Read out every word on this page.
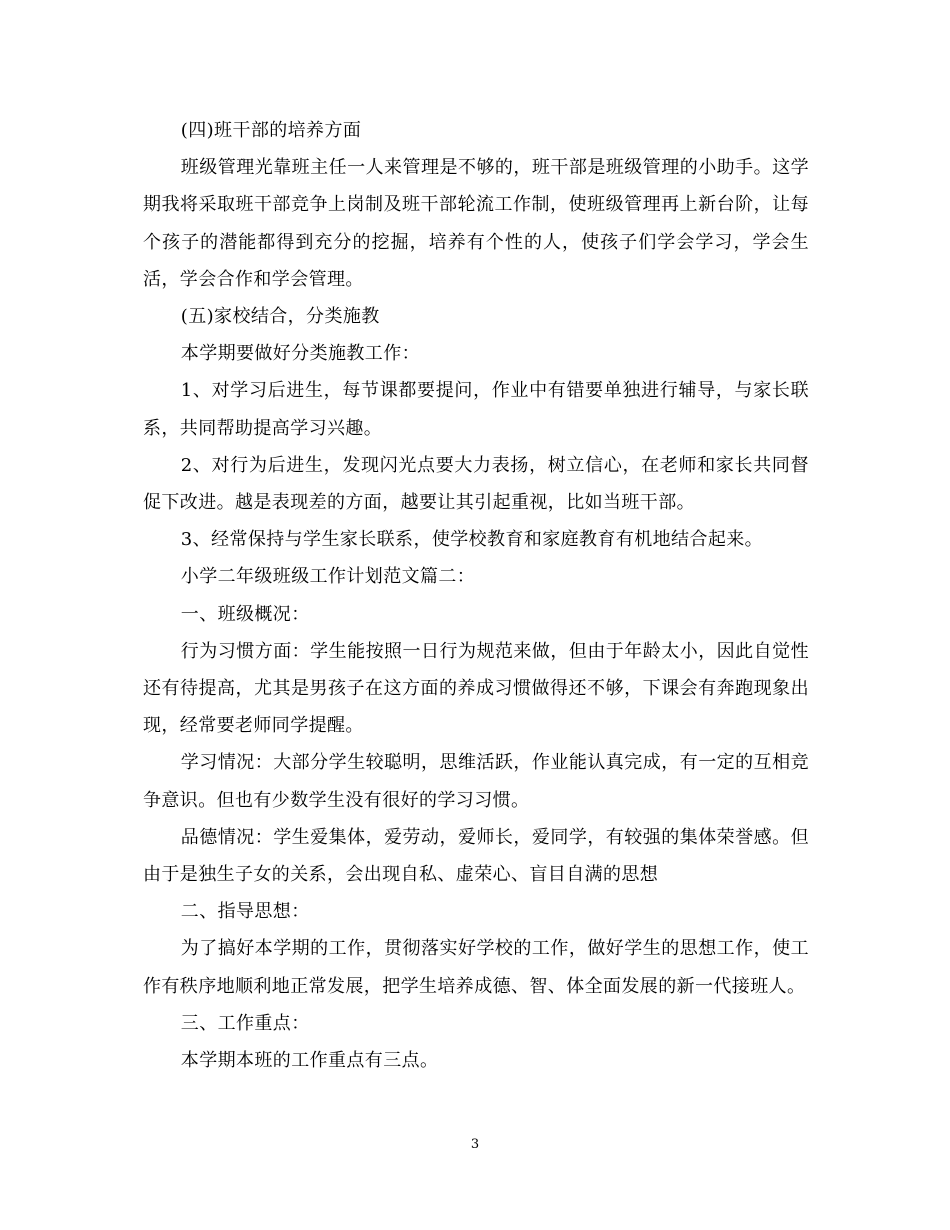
(四)班干部的培养方面

班级管理光靠班主任一人来管理是不够的，班干部是班级管理的小助手。这学期我将采取班干部竞争上岗制及班干部轮流工作制，使班级管理再上新台阶，让每个孩子的潜能都得到充分的挖掘，培养有个性的人，使孩子们学会学习，学会生活，学会合作和学会管理。

(五)家校结合，分类施教

本学期要做好分类施教工作：

1、对学习后进生，每节课都要提问，作业中有错要单独进行辅导，与家长联系，共同帮助提高学习兴趣。

2、对行为后进生，发现闪光点要大力表扬，树立信心，在老师和家长共同督促下改进。越是表现差的方面，越要让其引起重视，比如当班干部。

3、经常保持与学生家长联系，使学校教育和家庭教育有机地结合起来。

小学二年级班级工作计划范文篇二：

一、班级概况：

行为习惯方面：学生能按照一日行为规范来做，但由于年龄太小，因此自觉性还有待提高，尤其是男孩子在这方面的养成习惯做得还不够，下课会有奔跑现象出现，经常要老师同学提醒。

学习情况：大部分学生较聪明，思维活跃，作业能认真完成，有一定的互相竞争意识。但也有少数学生没有很好的学习习惯。

品德情况：学生爱集体，爱劳动，爱师长，爱同学，有较强的集体荣誉感。但由于是独生子女的关系，会出现自私、虚荣心、盲目自满的思想

二、指导思想：

为了搞好本学期的工作，贯彻落实好学校的工作，做好学生的思想工作，使工作有秩序地顺利地正常发展，把学生培养成德、智、体全面发展的新一代接班人。

三、工作重点：

本学期本班的工作重点有三点。

3
